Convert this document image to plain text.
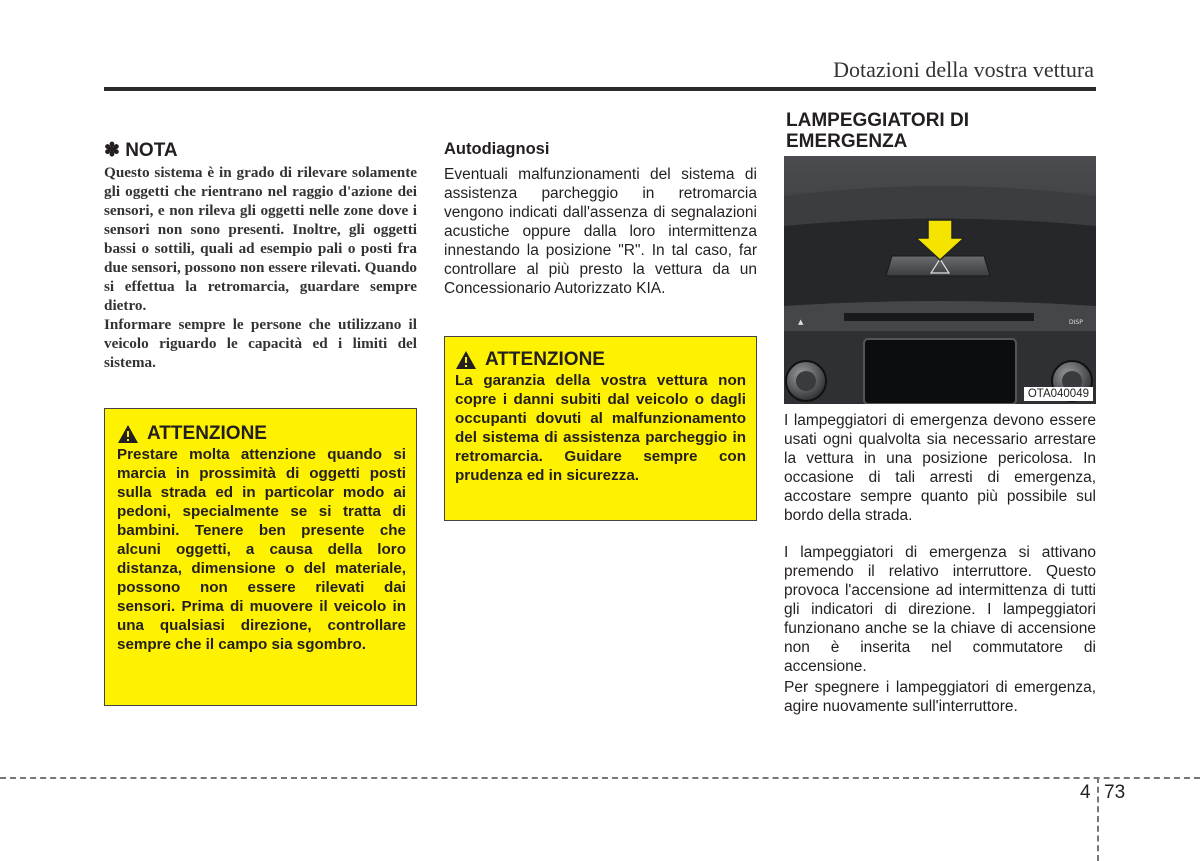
Dotazioni della vostra vettura
✽ NOTA
Questo sistema è in grado di rilevare solamente gli oggetti che rientrano nel raggio d'azione dei sensori, e non rileva gli oggetti nelle zone dove i sensori non sono presenti. Inoltre, gli oggetti bassi o sottili, quali ad esempio pali o posti fra due sensori, possono non essere rilevati. Quando si effettua la retromarcia, guardare sempre dietro.
Informare sempre le persone che utilizzano il veicolo riguardo le capacità ed i limiti del sistema.
ATTENZIONE
Prestare molta attenzione quando si marcia in prossimità di oggetti posti sulla strada ed in particolar modo ai pedoni, specialmente se si tratta di bambini. Tenere ben presente che alcuni oggetti, a causa della loro distanza, dimensione o del materiale, possono non essere rilevati dai sensori. Prima di muovere il veicolo in una qualsiasi direzione, controllare sempre che il campo sia sgombro.
Autodiagnosi
Eventuali malfunzionamenti del sistema di assistenza parcheggio in retromarcia vengono indicati dall'assenza di segnalazioni acustiche oppure dalla loro intermittenza innestando la posizione "R". In tal caso, far controllare al più presto la vettura da un Concessionario Autorizzato KIA.
ATTENZIONE
La garanzia della vostra vettura non copre i danni subiti dal veicolo o dagli occupanti dovuti al malfunzionamento del sistema di assistenza parcheggio in retromarcia. Guidare sempre con prudenza ed in sicurezza.
LAMPEGGIATORI DI EMERGENZA
▲	DISP
OTA040049
I lampeggiatori di emergenza devono essere usati ogni qualvolta sia necessario arrestare la vettura in una posizione pericolosa. In occasione di tali arresti di emergenza, accostare sempre quanto più possibile sul bordo della strada.
I lampeggiatori di emergenza si attivano premendo il relativo interruttore. Questo provoca l'accensione ad intermittenza di tutti gli indicatori di direzione. I lampeggiatori funzionano anche se la chiave di accensione non è inserita nel commutatore di accensione.
Per spegnere i lampeggiatori di emergenza, agire nuovamente sull'interruttore.
4 73
